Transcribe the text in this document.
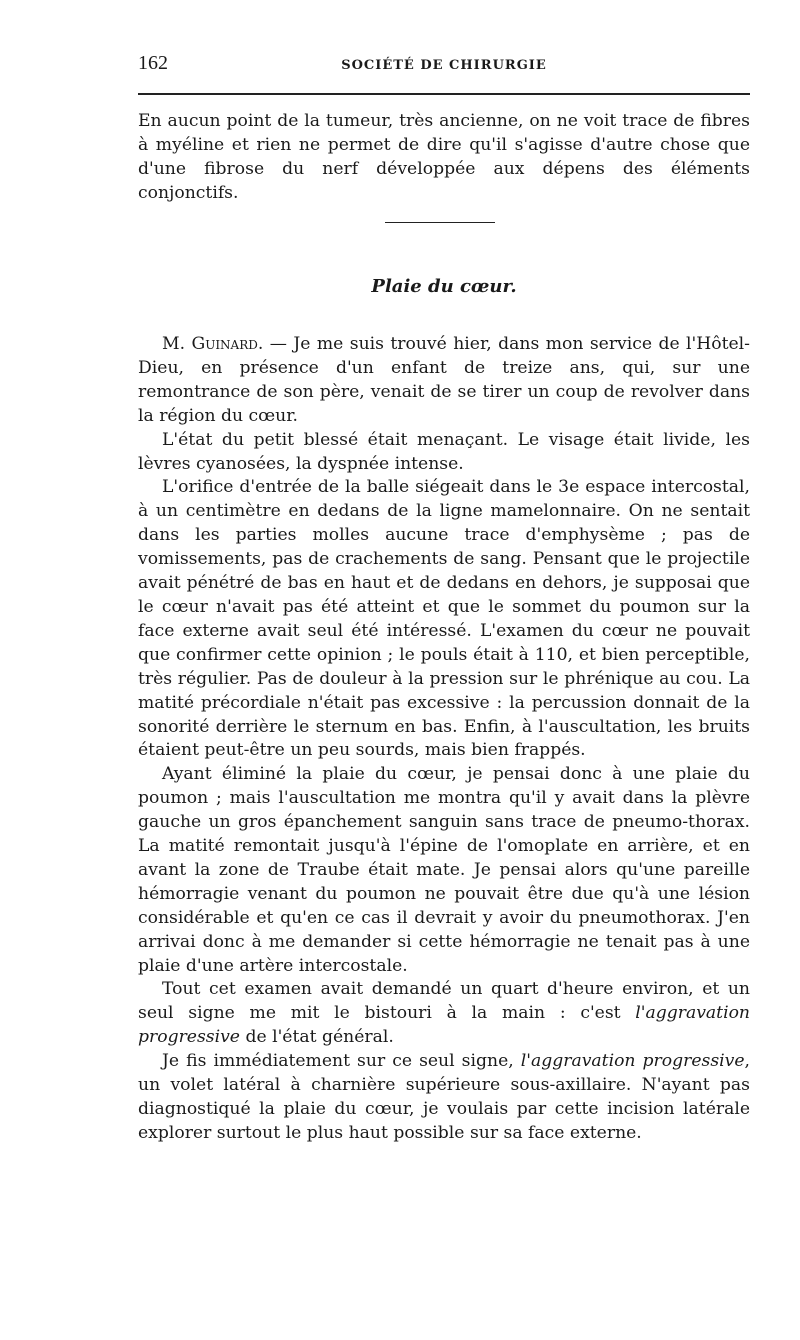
162	SOCIÉTÉ DE CHIRURGIE

En aucun point de la tumeur, très ancienne, on ne voit trace de fibres à myéline et rien ne permet de dire qu'il s'agisse d'autre chose que d'une fibrose du nerf développée aux dépens des éléments conjonctifs.

Plaie du cœur.

M. Guinard. — Je me suis trouvé hier, dans mon service de l'Hôtel-Dieu, en présence d'un enfant de treize ans, qui, sur une remontrance de son père, venait de se tirer un coup de revolver dans la région du cœur.

L'état du petit blessé était menaçant. Le visage était livide, les lèvres cyanosées, la dyspnée intense.

L'orifice d'entrée de la balle siégeait dans le 3e espace intercostal, à un centimètre en dedans de la ligne mamelonnaire. On ne sentait dans les parties molles aucune trace d'emphysème ; pas de vomissements, pas de crachements de sang. Pensant que le projectile avait pénétré de bas en haut et de dedans en dehors, je supposai que le cœur n'avait pas été atteint et que le sommet du poumon sur la face externe avait seul été intéressé. L'examen du cœur ne pouvait que confirmer cette opinion ; le pouls était à 110, et bien perceptible, très régulier. Pas de douleur à la pression sur le phrénique au cou. La matité précordiale n'était pas excessive : la percussion donnait de la sonorité derrière le sternum en bas. Enfin, à l'auscultation, les bruits étaient peut-être un peu sourds, mais bien frappés.

Ayant éliminé la plaie du cœur, je pensai donc à une plaie du poumon ; mais l'auscultation me montra qu'il y avait dans la plèvre gauche un gros épanchement sanguin sans trace de pneumo-thorax. La matité remontait jusqu'à l'épine de l'omoplate en arrière, et en avant la zone de Traube était mate. Je pensai alors qu'une pareille hémorragie venant du poumon ne pouvait être due qu'à une lésion considérable et qu'en ce cas il devrait y avoir du pneumothorax. J'en arrivai donc à me demander si cette hémorragie ne tenait pas à une plaie d'une artère intercostale.

Tout cet examen avait demandé un quart d'heure environ, et un seul signe me mit le bistouri à la main : c'est l'aggravation progressive de l'état général.

Je fis immédiatement sur ce seul signe, l'aggravation progressive, un volet latéral à charnière supérieure sous-axillaire. N'ayant pas diagnostiqué la plaie du cœur, je voulais par cette incision latérale explorer surtout le plus haut possible sur sa face externe.
